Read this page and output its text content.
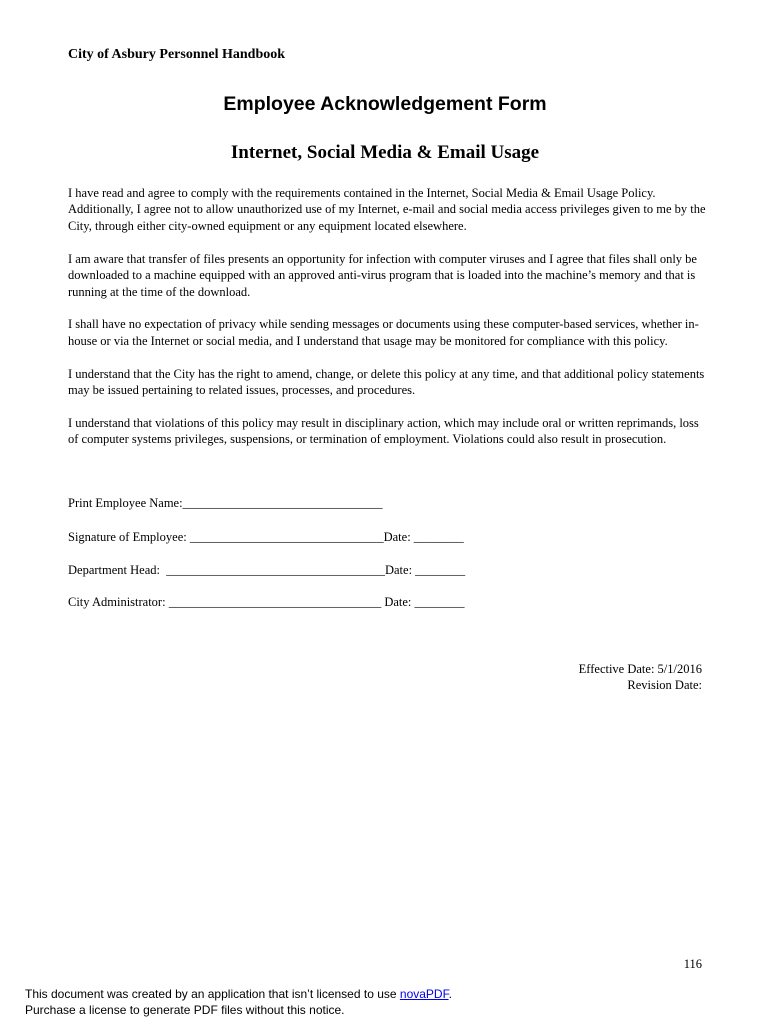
City of Asbury Personnel Handbook
Employee Acknowledgement Form
Internet, Social Media & Email Usage

I have read and agree to comply with the requirements contained in the Internet, Social Media & Email Usage Policy. Additionally, I agree not to allow unauthorized use of my Internet, e-mail and social media access privileges given to me by the City, through either city-owned equipment or any equipment located elsewhere.

I am aware that transfer of files presents an opportunity for infection with computer viruses and I agree that files shall only be downloaded to a machine equipped with an approved anti-virus program that is loaded into the machine’s memory and that is running at the time of the download.

I shall have no expectation of privacy while sending messages or documents using these computer-based services, whether in-house or via the Internet or social media, and I understand that usage may be monitored for compliance with this policy.

I understand that the City has the right to amend, change, or delete this policy at any time, and that additional policy statements may be issued pertaining to related issues, processes, and procedures.

I understand that violations of this policy may result in disciplinary action, which may include oral or written reprimands, loss of computer systems privileges, suspensions, or termination of employment. Violations could also result in prosecution.

Print Employee Name:________________________________
Signature of Employee: _______________________________Date: ________
Department Head:  ___________________________________Date: ________
City Administrator: __________________________________ Date: ________
Effective Date: 5/1/2016
Revision Date:
116
This document was created by an application that isn’t licensed to use novaPDF.
Purchase a license to generate PDF files without this notice.
